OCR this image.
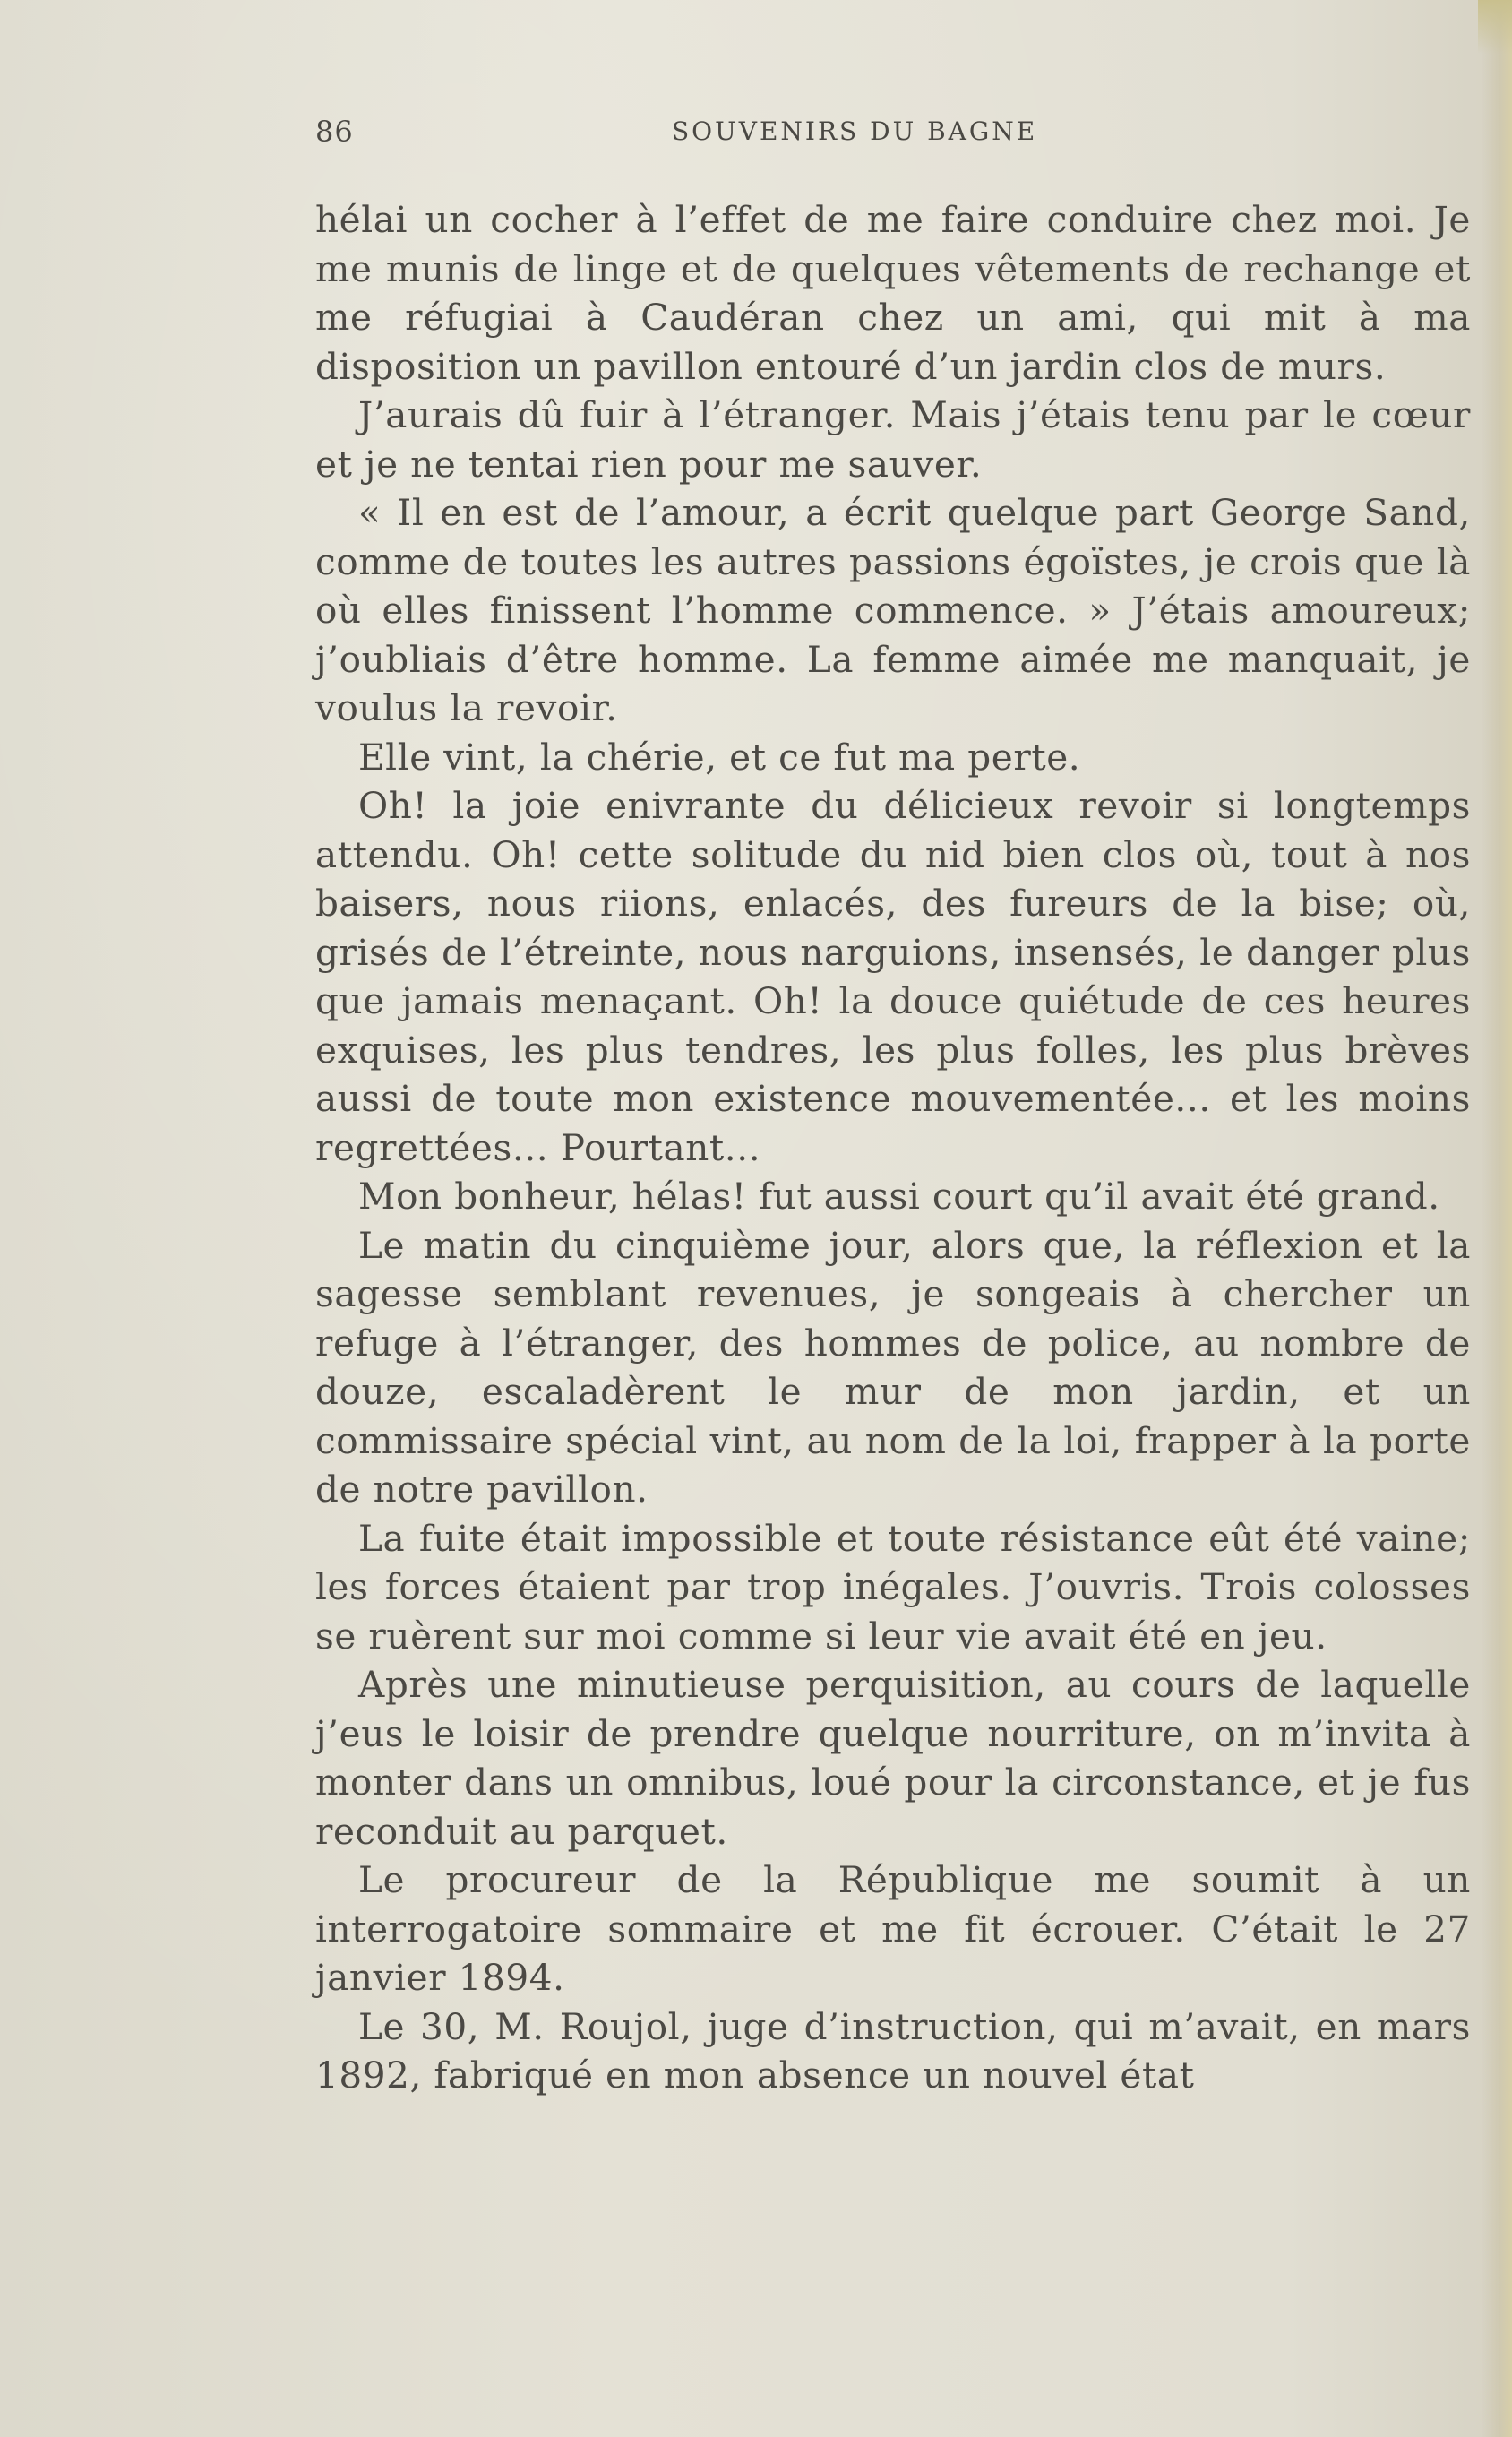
86	SOUVENIRS DU BAGNE

hélai un cocher à l’effet de me faire conduire chez moi. Je me munis de linge et de quelques vêtements de rechange et me réfugiai à Caudéran chez un ami, qui mit à ma disposition un pavillon entouré d’un jardin clos de murs.

J’aurais dû fuir à l’étranger. Mais j’étais tenu par le cœur et je ne tentai rien pour me sauver.

« Il en est de l’amour, a écrit quelque part George Sand, comme de toutes les autres passions égoïstes, je crois que là où elles finissent l’homme commence. » J’étais amoureux; j’oubliais d’être homme. La femme aimée me manquait, je voulus la revoir.

Elle vint, la chérie, et ce fut ma perte.

Oh! la joie enivrante du délicieux revoir si longtemps attendu. Oh! cette solitude du nid bien clos où, tout à nos baisers, nous riions, enlacés, des fureurs de la bise; où, grisés de l’étreinte, nous narguions, insensés, le danger plus que jamais menaçant. Oh! la douce quiétude de ces heures exquises, les plus tendres, les plus folles, les plus brèves aussi de toute mon existence mouvementée... et les moins regrettées... Pourtant...

Mon bonheur, hélas! fut aussi court qu’il avait été grand.

Le matin du cinquième jour, alors que, la réflexion et la sagesse semblant revenues, je songeais à chercher un refuge à l’étranger, des hommes de police, au nombre de douze, escaladèrent le mur de mon jardin, et un commissaire spécial vint, au nom de la loi, frapper à la porte de notre pavillon.

La fuite était impossible et toute résistance eût été vaine; les forces étaient par trop inégales. J’ouvris. Trois colosses se ruèrent sur moi comme si leur vie avait été en jeu.

Après une minutieuse perquisition, au cours de laquelle j’eus le loisir de prendre quelque nourriture, on m’invita à monter dans un omnibus, loué pour la circonstance, et je fus reconduit au parquet.

Le procureur de la République me soumit à un interrogatoire sommaire et me fit écrouer. C’était le 27 janvier 1894.

Le 30, M. Roujol, juge d’instruction, qui m’avait, en mars 1892, fabriqué en mon absence un nouvel état
